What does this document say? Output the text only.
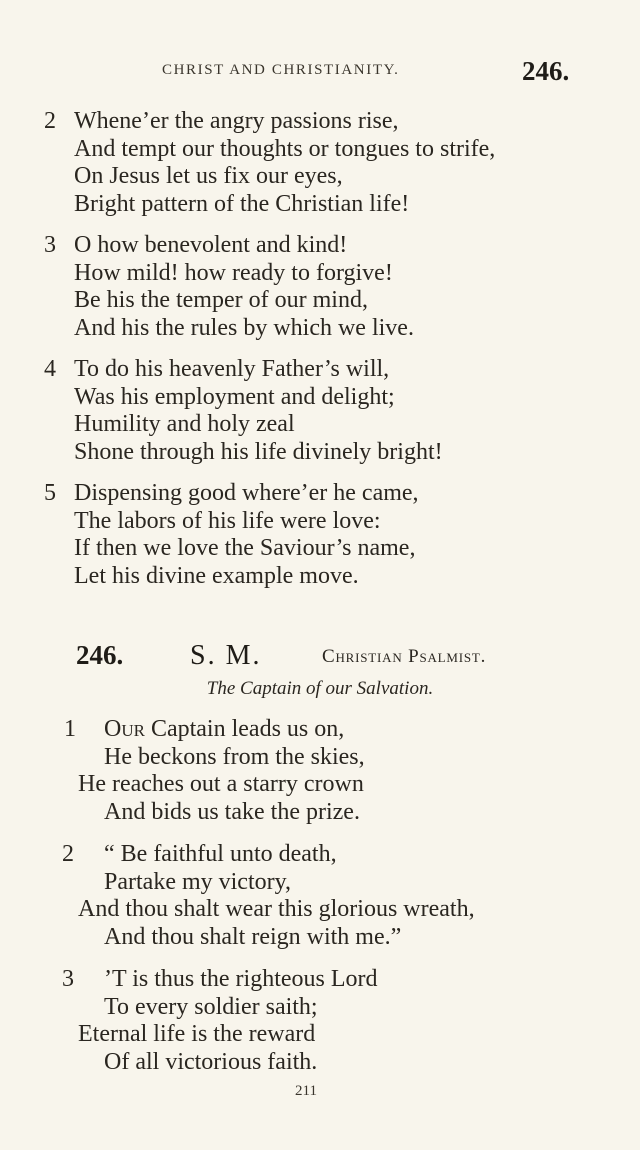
CHRIST AND CHRISTIANITY.	246.
2 Whene’er the angry passions rise,
And tempt our thoughts or tongues to strife,
On Jesus let us fix our eyes,
Bright pattern of the Christian life!
3 O how benevolent and kind!
How mild! how ready to forgive!
Be his the temper of our mind,
And his the rules by which we live.
4 To do his heavenly Father’s will,
Was his employment and delight;
Humility and holy zeal
Shone through his life divinely bright!
5 Dispensing good where’er he came,
The labors of his life were love:
If then we love the Saviour’s name,
Let his divine example move.
246. S. M.	Christian Psalmist.
The Captain of our Salvation.
1 Our Captain leads us on,
He beckons from the skies,
He reaches out a starry crown
And bids us take the prize.
2 “ Be faithful unto death,
Partake my victory,
And thou shalt wear this glorious wreath,
And thou shalt reign with me.”
3 ’T is thus the righteous Lord
To every soldier saith;
Eternal life is the reward
Of all victorious faith.
211
